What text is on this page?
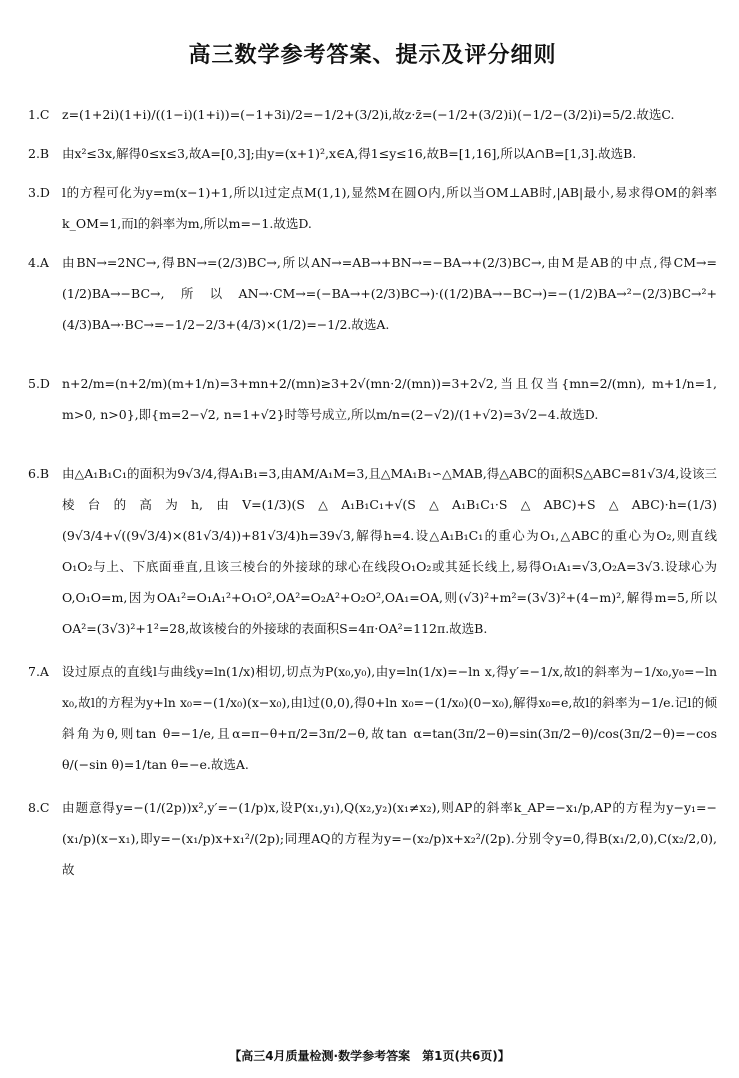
高三数学参考答案、提示及评分细则
1.C	z=(1+2i)(1+i)/((1−i)(1+i))=(−1+3i)/2=−1/2+(3/2)i,故z·z̄=(−1/2+(3/2)i)(−1/2−(3/2)i)=5/2.故选C.
2.B	由x²≤3x,解得0≤x≤3,故A=[0,3];由y=(x+1)²,x∈A,得1≤y≤16,故B=[1,16],所以A∩B=[1,3].故选B.
3.D l的方程可化为y=m(x−1)+1,所以l过定点M(1,1),显然M在圆O内,所以当OM⊥AB时,|AB|最小,易求得OM的斜率k_OM=1,而l的斜率为m,所以m=−1.故选D.
4.A	由BN→=2NC→,得BN→=(2/3)BC→,所以AN→=AB→+BN→=−BA→+(2/3)BC→,由M是AB的中点,得CM→=(1/2)BA→−BC→,所以AN→·CM→=(−BA→+(2/3)BC→)·((1/2)BA→−BC→)=−(1/2)BA→²−(2/3)BC→²+(4/3)BA→·BC→=−1/2−2/3+(4/3)×(1/2)=−1/2.故选A.
5.D n+2/m=(n+2/m)(m+1/n)=3+mn+2/(mn)≥3+2√(mn·2/(mn))=3+2√2,当且仅当{mn=2/(mn), m+1/n=1, m>0, n>0},即{m=2−√2, n=1+√2}时等号成立,所以m/n=(2−√2)/(1+√2)=3√2−4.故选D.
6.B	由△A₁B₁C₁的面积为9√3/4,得A₁B₁=3,由AM/A₁M=3,且△MA₁B₁∽△MAB,得△ABC的面积S△ABC=81√3/4,设该三棱台的高为h,由V=(1/3)(S△A₁B₁C₁+√(S△A₁B₁C₁·S△ABC)+S△ABC)·h=(1/3)(9√3/4+√((9√3/4)×(81√3/4))+81√3/4)h=39√3,解得h=4.设△A₁B₁C₁的重心为O₁,△ABC的重心为O₂,则直线O₁O₂与上、下底面垂直,且该三棱台的外接球的球心在线段O₁O₂或其延长线上,易得O₁A₁=√3,O₂A=3√3.设球心为O,O₁O=m,因为OA₁²=O₁A₁²+O₁O²,OA²=O₂A²+O₂O²,OA₁=OA,则(√3)²+m²=(3√3)²+(4−m)²,解得m=5,所以OA²=(3√3)²+1²=28,故该棱台的外接球的表面积S=4π·OA²=112π.故选B.
7.A	设过原点的直线l与曲线y=ln(1/x)相切,切点为P(x₀,y₀),由y=ln(1/x)=−ln x,得y′=−1/x,故l的斜率为−1/x₀,y₀=−ln x₀,故l的方程为y+ln x₀=−(1/x₀)(x−x₀),由l过(0,0),得0+ln x₀=−(1/x₀)(0−x₀),解得x₀=e,故l的斜率为−1/e.记l的倾斜角为θ,则tan θ=−1/e,且α=π−θ+π/2=3π/2−θ,故tan α=tan(3π/2−θ)=sin(3π/2−θ)/cos(3π/2−θ)=−cos θ/(−sin θ)=1/tan θ=−e.故选A.
8.C	由题意得y=−(1/(2p))x²,y′=−(1/p)x,设P(x₁,y₁),Q(x₂,y₂)(x₁≠x₂),则AP的斜率k_AP=−x₁/p,AP的方程为y−y₁=−(x₁/p)(x−x₁),即y=−(x₁/p)x+x₁²/(2p);同理AQ的方程为y=−(x₂/p)x+x₂²/(2p).分别令y=0,得B(x₁/2,0),C(x₂/2,0),故
【高三4月质量检测·数学参考答案　第1页(共6页)】
